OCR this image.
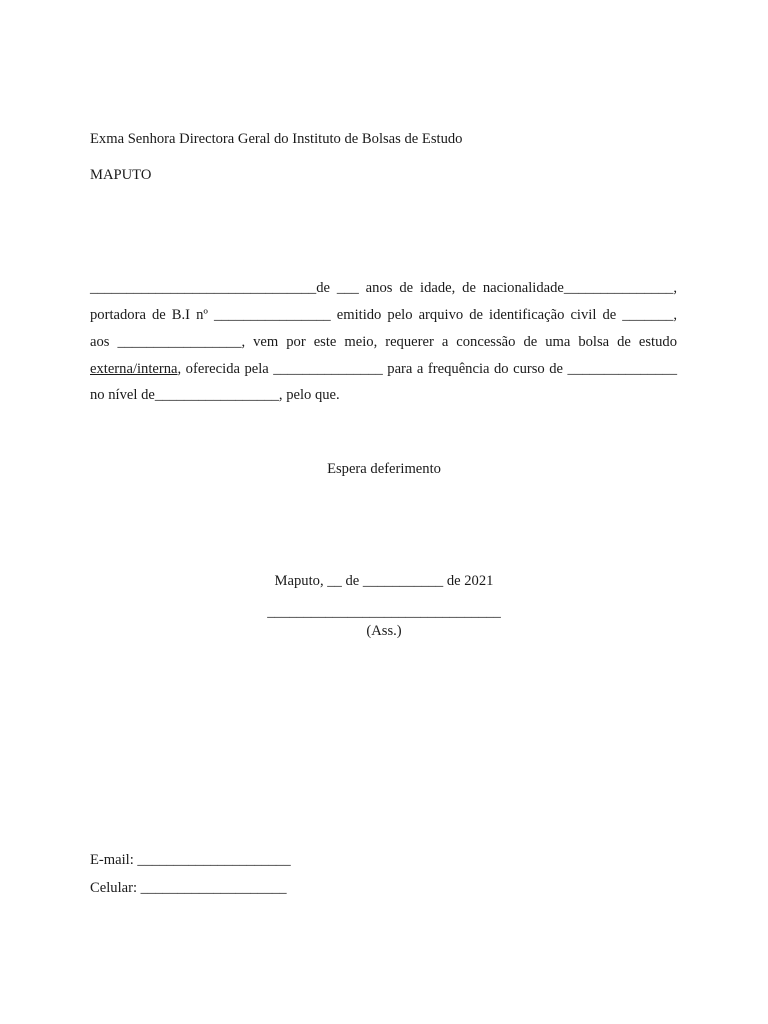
Exma Senhora Directora Geral do Instituto de Bolsas de Estudo
MAPUTO
_______________________________de ___ anos de idade, de nacionalidade_______________,
portadora de B.I nº ________________ emitido pelo arquivo de identificação civil de _______,
aos _________________, vem por este meio, requerer a concessão de uma bolsa de estudo
externa/interna, oferecida pela _______________ para a frequência do curso de _______________
no nível de_________________, pelo que.
Espera deferimento
Maputo, __ de ___________ de 2021
________________________________
(Ass.)
E-mail: _____________________
Celular: ____________________
